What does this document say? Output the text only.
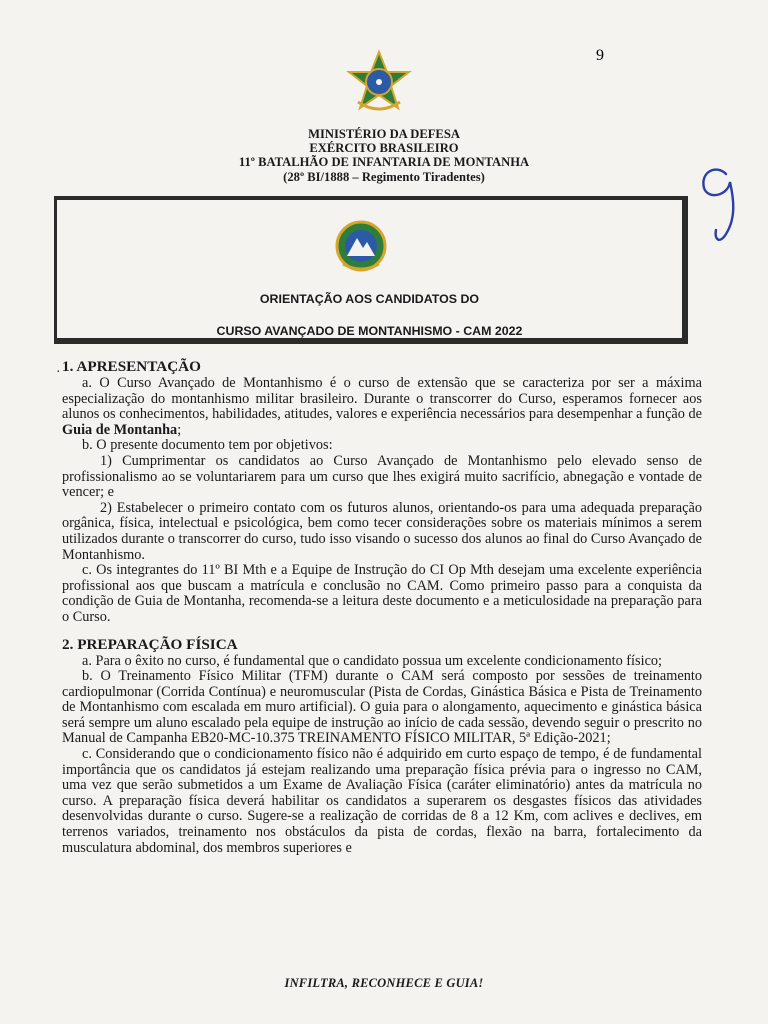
MINISTÉRIO DA DEFESA
EXÉRCITO BRASILEIRO
11º BATALHÃO DE INFANTARIA DE MONTANHA
(28º BI/1888 – Regimento Tiradentes)
9
ORIENTAÇÃO AOS CANDIDATOS DO
CURSO AVANÇADO DE MONTANHISMO - CAM 2022
· 1. APRESENTAÇÃO

a. O Curso Avançado de Montanhismo é o curso de extensão que se caracteriza por ser a máxima especialização do montanhismo militar brasileiro. Durante o transcorrer do Curso, esperamos fornecer aos alunos os conhecimentos, habilidades, atitudes, valores e experiência necessários para desempenhar a função de Guia de Montanha;

b. O presente documento tem por objetivos:

1) Cumprimentar os candidatos ao Curso Avançado de Montanhismo pelo elevado senso de profissionalismo ao se voluntariarem para um curso que lhes exigirá muito sacrifício, abnegação e vontade de vencer; e

2) Estabelecer o primeiro contato com os futuros alunos, orientando-os para uma adequada preparação orgânica, física, intelectual e psicológica, bem como tecer considerações sobre os materiais mínimos a serem utilizados durante o transcorrer do curso, tudo isso visando o sucesso dos alunos ao final do Curso Avançado de Montanhismo.

c. Os integrantes do 11º BI Mth e a Equipe de Instrução do CI Op Mth desejam uma excelente experiência profissional aos que buscam a matrícula e conclusão no CAM. Como primeiro passo para a conquista da condição de Guia de Montanha, recomenda-se a leitura deste documento e a meticulosidade na preparação para o Curso.

2. PREPARAÇÃO FÍSICA

a. Para o êxito no curso, é fundamental que o candidato possua um excelente condicionamento físico;

b. O Treinamento Físico Militar (TFM) durante o CAM será composto por sessões de treinamento cardiopulmonar (Corrida Contínua) e neuromuscular (Pista de Cordas, Ginástica Básica e Pista de Treinamento de Montanhismo com escalada em muro artificial). O guia para o alongamento, aquecimento e ginástica básica será sempre um aluno escalado pela equipe de instrução ao início de cada sessão, devendo seguir o prescrito no Manual de Campanha EB20-MC-10.375 TREINAMENTO FÍSICO MILITAR, 5ª Edição-2021;

c. Considerando que o condicionamento físico não é adquirido em curto espaço de tempo, é de fundamental importância que os candidatos já estejam realizando uma preparação física prévia para o ingresso no CAM, uma vez que serão submetidos a um Exame de Avaliação Física (caráter eliminatório) antes da matrícula no curso. A preparação física deverá habilitar os candidatos a superarem os desgastes físicos das atividades desenvolvidas durante o curso. Sugere-se a realização de corridas de 8 a 12 Km, com aclives e declives, em terrenos variados, treinamento nos obstáculos da pista de cordas, flexão na barra, fortalecimento da musculatura abdominal, dos membros superiores e

INFILTRA, RECONHECE E GUIA!
